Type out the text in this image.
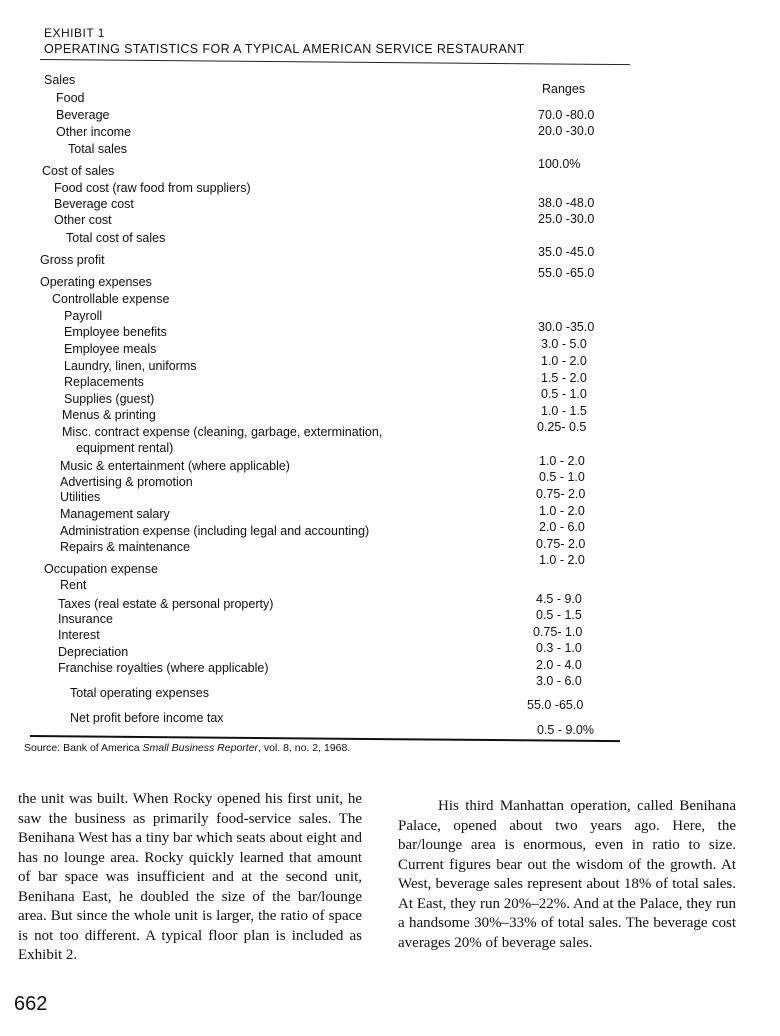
EXHIBIT 1
OPERATING STATISTICS FOR A TYPICAL AMERICAN SERVICE RESTAURANT
Ranges
Sales
Food
Beverage
Other income
Total sales
Cost of sales
Food cost (raw food from suppliers)
Beverage cost
Other cost
Total cost of sales
Gross profit
Operating expenses
Controllable expense
Payroll
Employee benefits
Employee meals
Laundry, linen, uniforms
Replacements
Supplies (guest)
Menus & printing
Misc. contract expense (cleaning, garbage, extermination,
equipment rental)
Music & entertainment (where applicable)
Advertising & promotion
Utilities
Management salary
Administration expense (including legal and accounting)
Repairs & maintenance
Occupation expense
Rent
Taxes (real estate & personal property)
Insurance
Interest
Depreciation
Franchise royalties (where applicable)
Total operating expenses
Net profit before income tax
70.0 -80.0
20.0 -30.0
100.0%
38.0 -48.0
25.0 -30.0
35.0 -45.0
55.0 -65.0
30.0 -35.0
3.0 - 5.0
1.0 - 2.0
1.5 - 2.0
0.5 - 1.0
1.0 - 1.5
0.25- 0.5
1.0 - 2.0
0.5 - 1.0
0.75- 2.0
1.0 - 2.0
2.0 - 6.0
0.75- 2.0
1.0 - 2.0
4.5 - 9.0
0.5 - 1.5
0.75- 1.0
0.3 - 1.0
2.0 - 4.0
3.0 - 6.0
55.0 -65.0
0.5 - 9.0%
Source: Bank of America Small Business Reporter, vol. 8, no. 2, 1968.
the unit was built. When Rocky opened his first unit, he saw the business as primarily food-service sales. The Benihana West has a tiny bar which seats about eight and has no lounge area. Rocky quickly learned that amount of bar space was insufficient and at the second unit, Benihana East, he doubled the size of the bar/lounge area. But since the whole unit is larger, the ratio of space is not too different. A typical floor plan is included as Exhibit 2.
His third Manhattan operation, called Benihana Palace, opened about two years ago. Here, the bar/lounge area is enormous, even in ratio to size. Current figures bear out the wisdom of the growth. At West, beverage sales represent about 18% of total sales. At East, they run 20%–22%. And at the Palace, they run a handsome 30%–33% of total sales. The beverage cost averages 20% of beverage sales.
662
